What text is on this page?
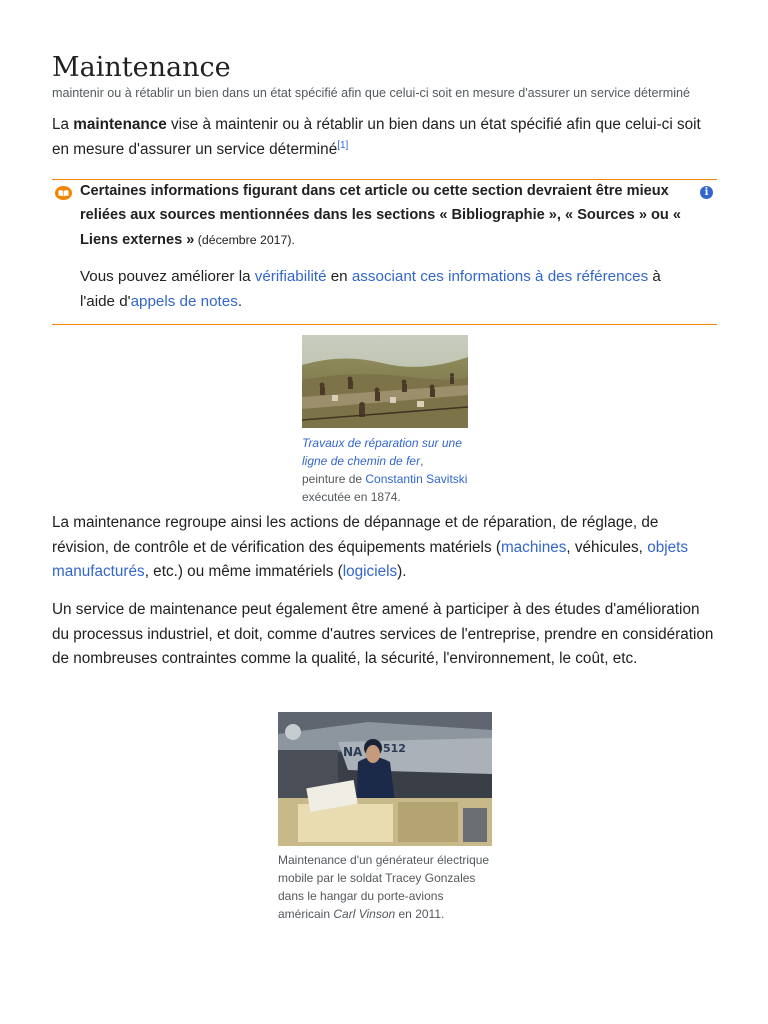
Maintenance
maintenir ou à rétablir un bien dans un état spécifié afin que celui-ci soit en mesure d'assurer un service déterminé

La maintenance vise à maintenir ou à rétablir un bien dans un état spécifié afin que celui-ci soit en mesure d'assurer un service déterminé[1]

i
Certaines informations figurant dans cet article ou cette section devraient être mieux reliées aux sources mentionnées dans les sections « Bibliographie », « Sources » ou « Liens externes » (décembre 2017).
Vous pouvez améliorer la vérifiabilité en associant ces informations à des références à l'aide d'appels de notes.
Travaux de réparation sur une ligne de chemin de fer, peinture de Constantin Savitski exécutée en 1874.

La maintenance regroupe ainsi les actions de dépannage et de réparation, de réglage, de révision, de contrôle et de vérification des équipements matériels (machines, véhicules, objets manufacturés, etc.) ou même immatériels (logiciels).

Un service de maintenance peut également être amené à participer à des études d'amélioration du processus industriel, et doit, comme d'autres services de l'entreprise, prendre en considération de nombreuses contraintes comme la qualité, la sécurité, l'environnement, le coût, etc.

NA 512
Maintenance d'un générateur électrique mobile par le soldat Tracey Gonzales dans le hangar du porte-avions américain Carl Vinson en 2011.
